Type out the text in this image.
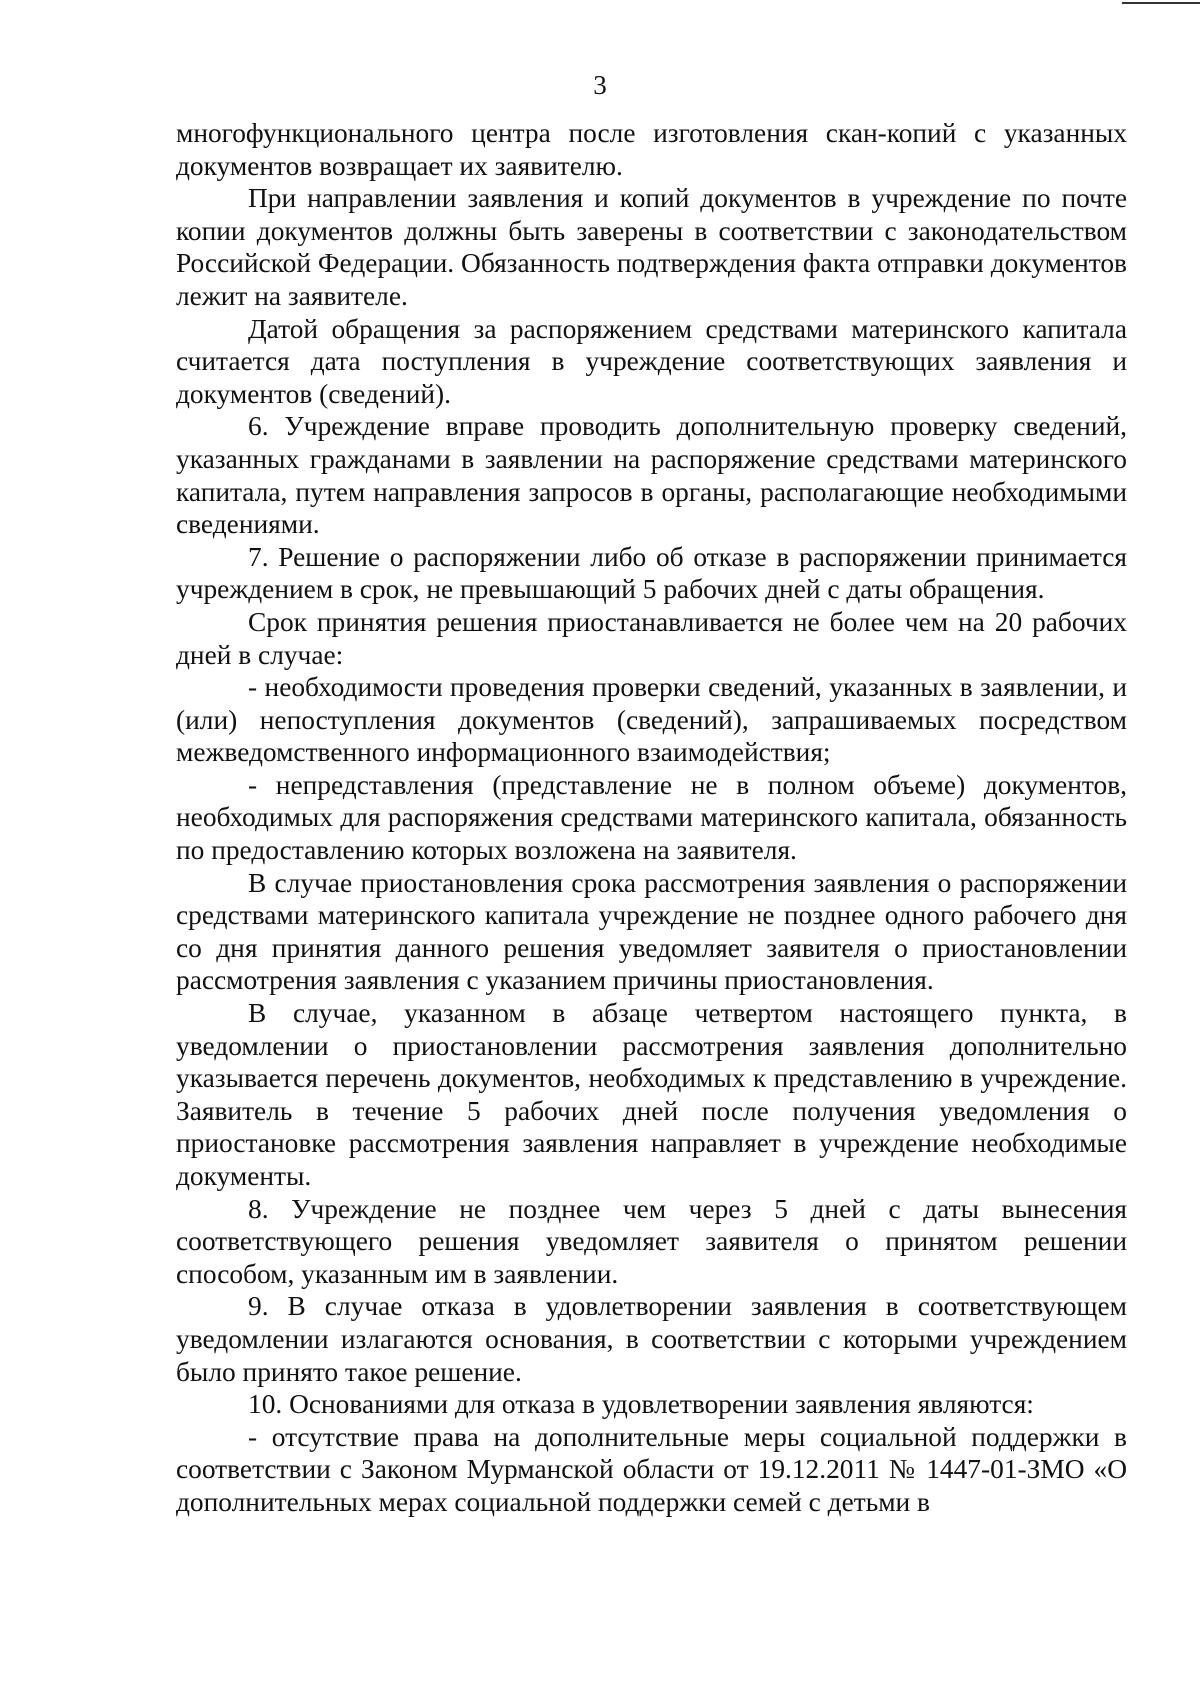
3

многофункционального центра после изготовления скан-копий с указанных документов возвращает их заявителю.

При направлении заявления и копий документов в учреждение по почте копии документов должны быть заверены в соответствии с законодательством Российской Федерации. Обязанность подтверждения факта отправки документов лежит на заявителе.

Датой обращения за распоряжением средствами материнского капитала считается дата поступления в учреждение соответствующих заявления и документов (сведений).

6. Учреждение вправе проводить дополнительную проверку сведений, указанных гражданами в заявлении на распоряжение средствами материнского капитала, путем направления запросов в органы, располагающие необходимыми сведениями.

7. Решение о распоряжении либо об отказе в распоряжении принимается учреждением в срок, не превышающий 5 рабочих дней с даты обращения.

Срок принятия решения приостанавливается не более чем на 20 рабочих дней в случае:

- необходимости проведения проверки сведений, указанных в заявлении, и (или) непоступления документов (сведений), запрашиваемых посредством межведомственного информационного взаимодействия;

- непредставления (представление не в полном объеме) документов, необходимых для распоряжения средствами материнского капитала, обязанность по предоставлению которых возложена на заявителя.

В случае приостановления срока рассмотрения заявления о распоряжении средствами материнского капитала учреждение не позднее одного рабочего дня со дня принятия данного решения уведомляет заявителя о приостановлении рассмотрения заявления с указанием причины приостановления.

В случае, указанном в абзаце четвертом настоящего пункта, в уведомлении о приостановлении рассмотрения заявления дополнительно указывается перечень документов, необходимых к представлению в учреждение. Заявитель в течение 5 рабочих дней после получения уведомления о приостановке рассмотрения заявления направляет в учреждение необходимые документы.

8. Учреждение не позднее чем через 5 дней с даты вынесения соответствующего решения уведомляет заявителя о принятом решении способом, указанным им в заявлении.

9. В случае отказа в удовлетворении заявления в соответствующем уведомлении излагаются основания, в соответствии с которыми учреждением было принято такое решение.

10. Основаниями для отказа в удовлетворении заявления являются:

- отсутствие права на дополнительные меры социальной поддержки в соответствии с Законом Мурманской области от 19.12.2011 № 1447-01-ЗМО «О дополнительных мерах социальной поддержки семей с детьми в
